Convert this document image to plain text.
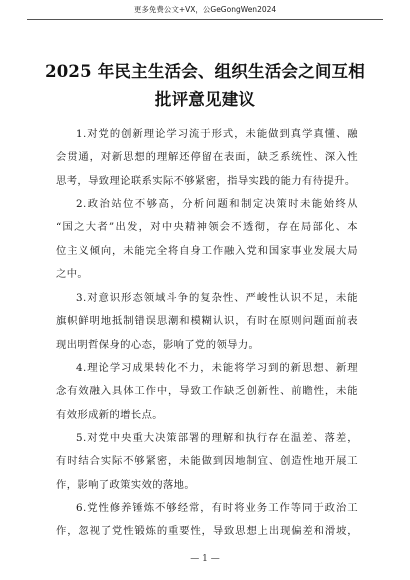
更多免费公文+VX，公GeGongWen2024
2025 年民主生活会、组织生活会之间互相
批评意见建议
1.对党的创新理论学习流于形式，未能做到真学真懂、融
会贯通，对新思想的理解还停留在表面，缺乏系统性、深入性
思考，导致理论联系实际不够紧密，指导实践的能力有待提升。
2.政治站位不够高，分析问题和制定决策时未能始终从
“国之大者”出发，对中央精神领会不透彻，存在局部化、本
位主义倾向，未能完全将自身工作融入党和国家事业发展大局
之中。
3.对意识形态领域斗争的复杂性、严峻性认识不足，未能
旗帜鲜明地抵制错误思潮和模糊认识，有时在原则问题面前表
现出明哲保身的心态，影响了党的领导力。
4.理论学习成果转化不力，未能将学习到的新思想、新理
念有效融入具体工作中，导致工作缺乏创新性、前瞻性，未能
有效形成新的增长点。
5.对党中央重大决策部署的理解和执行存在温差、落差，
有时结合实际不够紧密，未能做到因地制宜、创造性地开展工
作，影响了政策实效的落地。
6.党性修养锤炼不够经常，有时将业务工作等同于政治工
作，忽视了党性锻炼的重要性，导致思想上出现偏差和滑坡，
— 1 —
